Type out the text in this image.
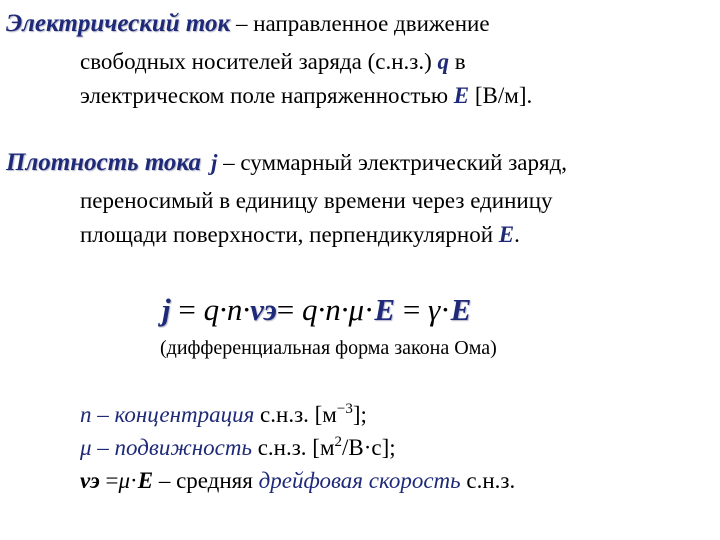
Электрический ток – направленное движение
свободных носителей заряда (с.н.з.) q в
электрическом поле напряженностью E [В/м].
Плотность тока j – суммарный электрический заряд,
переносимый в единицу времени через единицу
площади поверхности, перпендикулярной E.
j = q·n·vэ= q·n·μ·E = γ·E
(дифференциальная форма закона Ома)
n – концентрация с.н.з. $[м^{-3}]$;
μ – подвижность с.н.з. $[м^2/В\cdot с]$;
vэ =μ·E – средняя дрейфовая скорость с.н.з.
